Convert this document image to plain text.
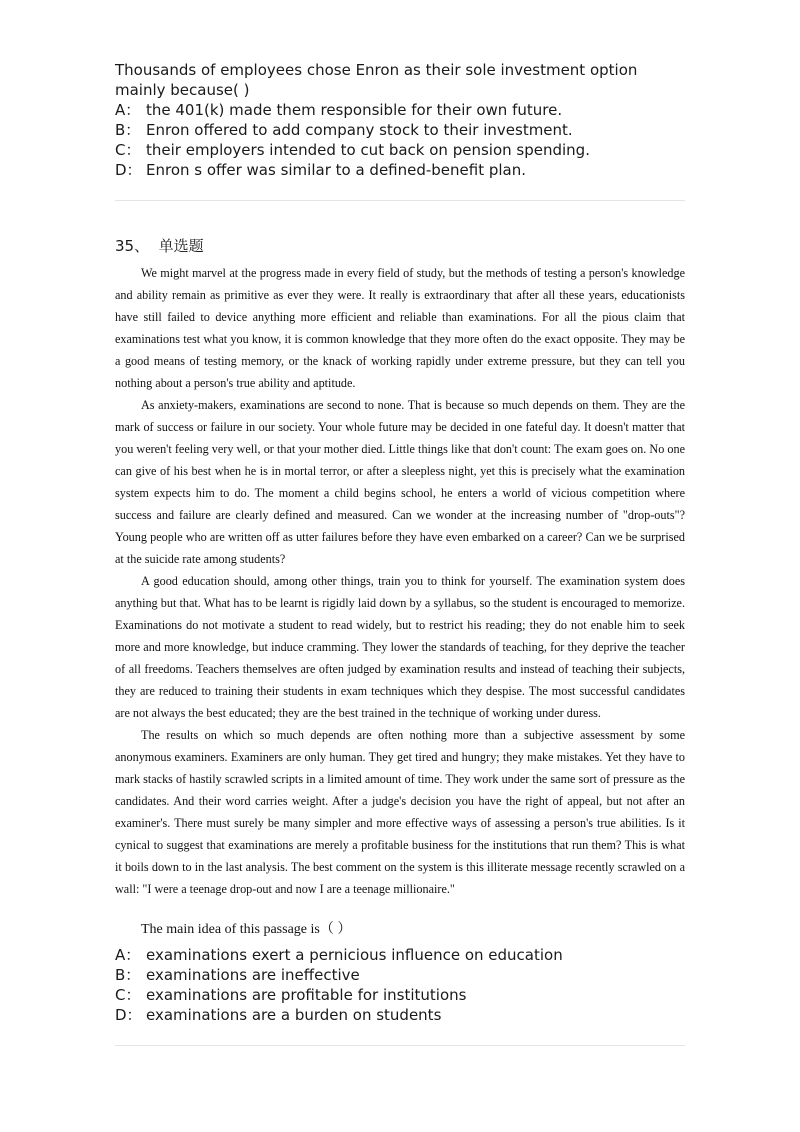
Thousands of employees chose Enron as their sole investment option mainly because( )

A： the 401(k) made them responsible for their own future.

B： Enron offered to add company stock to their investment.

C： their employers intended to cut back on pension spending.

D： Enron s offer was similar to a defined-benefit plan.

35、 单选题

We might marvel at the progress made in every field of study, but the methods of testing a person's knowledge and ability remain as primitive as ever they were. It really is extraordinary that after all these years, educationists have still failed to device anything more efficient and reliable than examinations. For all the pious claim that examinations test what you know, it is common knowledge that they more often do the exact opposite. They may be a good means of testing memory, or the knack of working rapidly under extreme pressure, but they can tell you nothing about a person's true ability and aptitude.

As anxiety-makers, examinations are second to none. That is because so much depends on them. They are the mark of success or failure in our society. Your whole future may be decided in one fateful day. It doesn't matter that you weren't feeling very well, or that your mother died. Little things like that don't count: The exam goes on. No one can give of his best when he is in mortal terror, or after a sleepless night, yet this is precisely what the examination system expects him to do. The moment a child begins school, he enters a world of vicious competition where success and failure are clearly defined and measured. Can we wonder at the increasing number of "drop-outs"? Young people who are written off as utter failures before they have even embarked on a career? Can we be surprised at the suicide rate among students?

A good education should, among other things, train you to think for yourself. The examination system does anything but that. What has to be learnt is rigidly laid down by a syllabus, so the student is encouraged to memorize. Examinations do not motivate a student to read widely, but to restrict his reading; they do not enable him to seek more and more knowledge, but induce cramming. They lower the standards of teaching, for they deprive the teacher of all freedoms. Teachers themselves are often judged by examination results and instead of teaching their subjects, they are reduced to training their students in exam techniques which they despise. The most successful candidates are not always the best educated; they are the best trained in the technique of working under duress.

The results on which so much depends are often nothing more than a subjective assessment by some anonymous examiners. Examiners are only human. They get tired and hungry; they make mistakes. Yet they have to mark stacks of hastily scrawled scripts in a limited amount of time. They work under the same sort of pressure as the candidates. And their word carries weight. After a judge's decision you have the right of appeal, but not after an examiner's. There must surely be many simpler and more effective ways of assessing a person's true abilities. Is it cynical to suggest that examinations are merely a profitable business for the institutions that run them? This is what it boils down to in the last analysis. The best comment on the system is this illiterate message recently scrawled on a wall: "I were a teenage drop-out and now I are a teenage millionaire."

The main idea of this passage is（ ）

A： examinations exert a pernicious influence on education

B： examinations are ineffective

C： examinations are profitable for institutions

D： examinations are a burden on students
